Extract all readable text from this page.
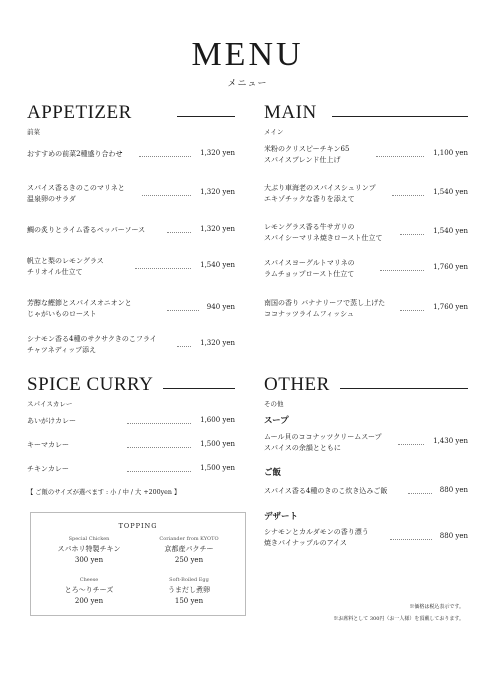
MENU
メニュー
APPETIZER
前菜
おすすめの前菜2種盛り合わせ	1,320 yen
スパイス香るきのこのマリネと
温泉卵のサラダ
1,320 yen
鯛の炙りとライム香るペッパーソース	1,320 yen
帆立と梨のレモングラス
チリオイル仕立て
1,540 yen
芳醇な鰹節とスパイスオニオンと
じゃがいものロースト
940 yen
シナモン香る4種のサクサクきのこフライ
チャツネディップ添え
1,320 yen
MAIN
メイン
米粉のクリスピーチキン65
スパイスブレンド仕上げ
1,100 yen
大ぶり車海老のスパイスシュリンプ
エキゾチックな香りを添えて
1,540 yen
レモングラス香る牛サガリの
スパイシーマリネ焼きロースト仕立て
1,540 yen
スパイスヨーグルトマリネの
ラムチョップロースト仕立て
1,760 yen
南国の香り バナナリーフで蒸し上げた
ココナッツライムフィッシュ
1,760 yen
SPICE CURRY
スパイスカレー
あいがけカレー	1,600 yen
キーマカレー	1,500 yen
チキンカレー	1,500 yen
【 ご飯のサイズが選べます : 小 / 中 / 大 +200yen 】
TOPPING
Special Chicken
スパホリ特製チキン
300 yen
Coriander from KYOTO
京都産パクチー
250 yen
Cheese
とろ〜りチーズ
200 yen
Soft-Boiled Egg
うまだし煮卵
150 yen
OTHER
その他
スープ
ムール貝のココナッツクリームスープ
スパイスの余韻とともに
1,430 yen
ご飯
スパイス香る4種のきのこ炊き込みご飯	880 yen
デザート
シナモンとカルダモンの香り漂う
焼きパイナップルのアイス
880 yen
※価格は税込表示です。
※お席料として 300円（お一人様）を頂戴しております。
